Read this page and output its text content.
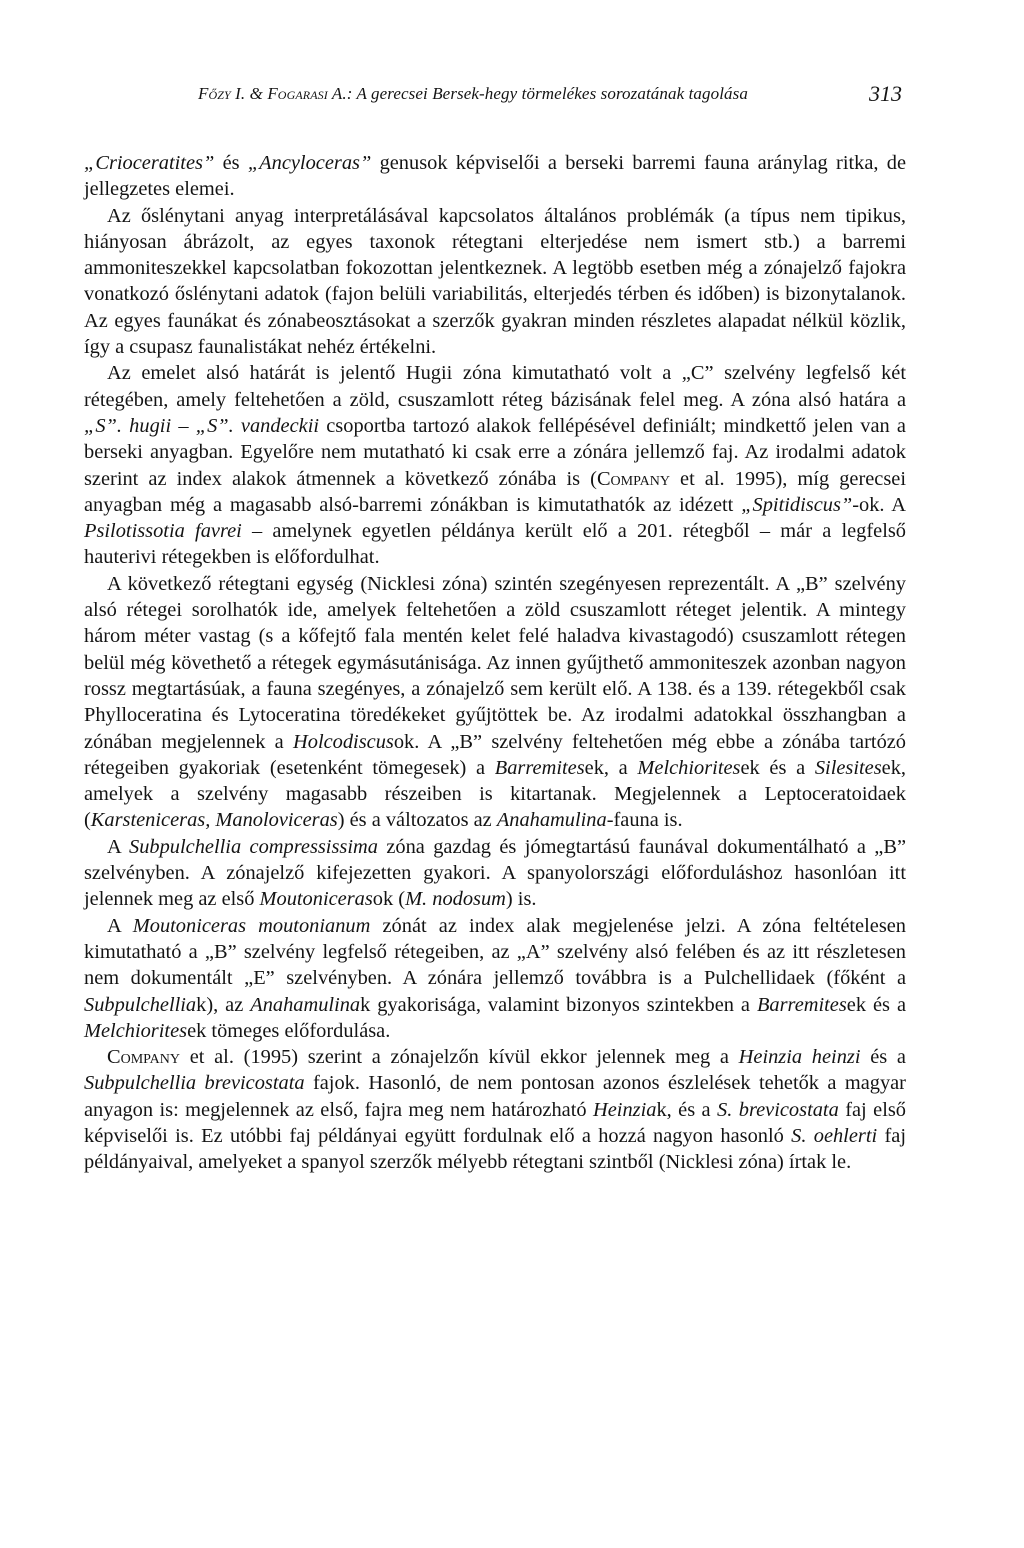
Főzy I. & Fogarasi A.: A gerecsei Bersek-hegy törmelékes sorozatának tagolása	313

„Crioceratites” és „Ancyloceras” genusok képviselői a berseki barremi fauna aránylag ritka, de jellegzetes elemei.

Az őslénytani anyag interpretálásával kapcsolatos általános problémák (a típus nem tipikus, hiányosan ábrázolt, az egyes taxonok rétegtani elterjedése nem ismert stb.) a barremi ammoniteszekkel kapcsolatban fokozottan jelentkeznek. A legtöbb esetben még a zónajelző fajokra vonatkozó őslénytani adatok (fajon belüli variabilitás, elterjedés térben és időben) is bizonytalanok. Az egyes faunákat és zónabeosztásokat a szerzők gyakran minden részletes alapadat nélkül közlik, így a csupasz faunalistákat nehéz értékelni.

Az emelet alsó határát is jelentő Hugii zóna kimutatható volt a „C” szelvény legfelső két rétegében, amely feltehetően a zöld, csuszamlott réteg bázisának felel meg. A zóna alsó határa a „S”. hugii – „S”. vandeckii csoportba tartozó alakok fellépésével definiált; mindkettő jelen van a berseki anyagban. Egyelőre nem mutatható ki csak erre a zónára jellemző faj. Az irodalmi adatok szerint az index alakok átmennek a következő zónába is (Company et al. 1995), míg gerecsei anyagban még a magasabb alsó-barremi zónákban is kimutathatók az idézett „Spitidiscus”-ok. A Psilotissotia favrei – amelynek egyetlen példánya került elő a 201. rétegből – már a legfelső hauterivi rétegekben is előfordulhat.

A következő rétegtani egység (Nicklesi zóna) szintén szegényesen reprezentált. A „B” szelvény alsó rétegei sorolhatók ide, amelyek feltehetően a zöld csuszamlott réteget jelentik. A mintegy három méter vastag (s a kőfejtő fala mentén kelet felé haladva kivastagodó) csuszamlott rétegen belül még követhető a rétegek egymásutánisága. Az innen gyűjthető ammoniteszek azonban nagyon rossz megtartásúak, a fauna szegényes, a zónajelző sem került elő. A 138. és a 139. rétegekből csak Phylloceratina és Lytoceratina töredékeket gyűjtöttek be. Az irodalmi adatokkal összhangban a zónában megjelennek a Holcodiscusok. A „B” szelvény feltehetően még ebbe a zónába tartózó rétegeiben gyakoriak (esetenként tömegesek) a Barremitesek, a Melchioritesek és a Silesitesek, amelyek a szelvény magasabb részeiben is kitartanak. Megjelennek a Leptoceratoidaek (Karsteniceras, Manoloviceras) és a változatos az Anahamulina-fauna is.

A Subpulchellia compressissima zóna gazdag és jómegtartású faunával dokumentálható a „B” szelvényben. A zónajelző kifejezetten gyakori. A spanyolországi előforduláshoz hasonlóan itt jelennek meg az első Moutonicerasok (M. nodosum) is.

A Moutoniceras moutonianum zónát az index alak megjelenése jelzi. A zóna feltételesen kimutatható a „B” szelvény legfelső rétegeiben, az „A” szelvény alsó felében és az itt részletesen nem dokumentált „E” szelvényben. A zónára jellemző továbbra is a Pulchellidaek (főként a Subpulchelliak), az Anahamulinak gyakorisága, valamint bizonyos szintekben a Barremitesek és a Melchioritesek tömeges előfordulása.

Company et al. (1995) szerint a zónajelzőn kívül ekkor jelennek meg a Heinzia heinzi és a Subpulchellia brevicostata fajok. Hasonló, de nem pontosan azonos észlelések tehetők a magyar anyagon is: megjelennek az első, fajra meg nem határozható Heinziak, és a S. brevicostata faj első képviselői is. Ez utóbbi faj példányai együtt fordulnak elő a hozzá nagyon hasonló S. oehlerti faj példányaival, amelyeket a spanyol szerzők mélyebb rétegtani szintből (Nicklesi zóna) írtak le.
